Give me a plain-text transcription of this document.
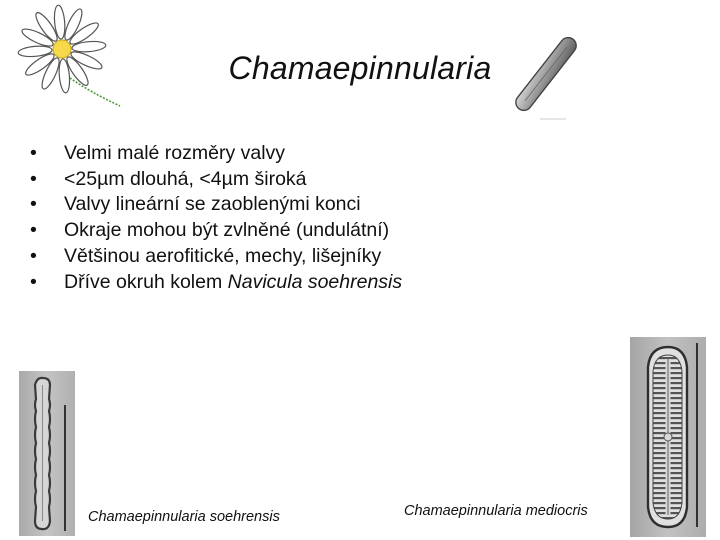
Chamaepinnularia
• Velmi malé rozměry valvy
• <25µm dlouhá, <4µm široká
• Valvy lineární se zaoblenými konci
• Okraje mohou být zvlněné (undulátní)
• Většinou aerofitické, mechy, lišejníky
• Dříve okruh kolem Navicula soehrensis
Chamaepinnularia soehrensis	Chamaepinnularia mediocris
